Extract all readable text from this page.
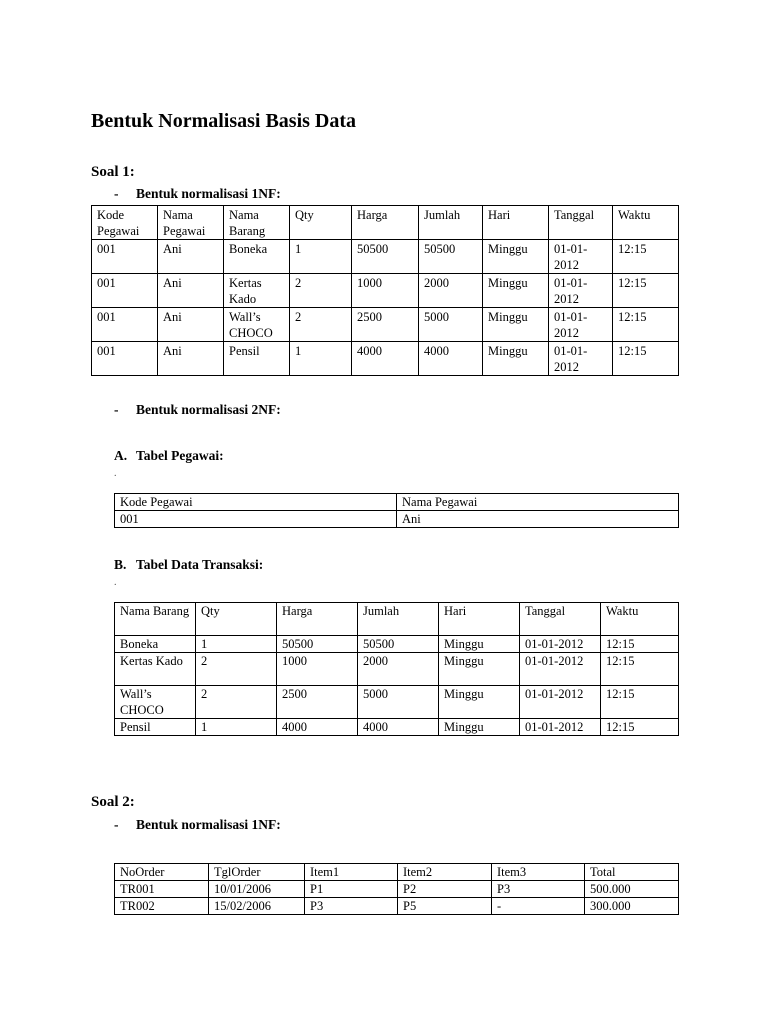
Bentuk Normalisasi Basis Data
Soal 1:
- Bentuk normalisasi 1NF:
Kode Pegawai	Nama Pegawai	Nama Barang	Qty	Harga	Jumlah	Hari	Tanggal	Waktu
001	Ani	Boneka	1	50500	50500	Minggu	01-01-2012	12:15
001	Ani	Kertas Kado	2	1000	2000	Minggu	01-01-2012	12:15
001	Ani	Wall’s CHOCO	2	2500	5000	Minggu	01-01-2012	12:15
001	Ani	Pensil	1	4000	4000	Minggu	01-01-2012	12:15
- Bentuk normalisasi 2NF:
A. Tabel Pegawai:
.
Kode Pegawai	Nama Pegawai
001	Ani
B. Tabel Data Transaksi:
.
Nama Barang	Qty	Harga	Jumlah	Hari	Tanggal	Waktu
Boneka	1	50500	50500	Minggu	01-01-2012	12:15
Kertas Kado	2	1000	2000	Minggu	01-01-2012	12:15
Wall’s CHOCO	2	2500	5000	Minggu	01-01-2012	12:15
Pensil	1	4000	4000	Minggu	01-01-2012	12:15
Soal 2:
- Bentuk normalisasi 1NF:
NoOrder	TglOrder	Item1	Item2	Item3	Total
TR001	10/01/2006	P1	P2	P3	500.000
TR002	15/02/2006	P3	P5	-	300.000
